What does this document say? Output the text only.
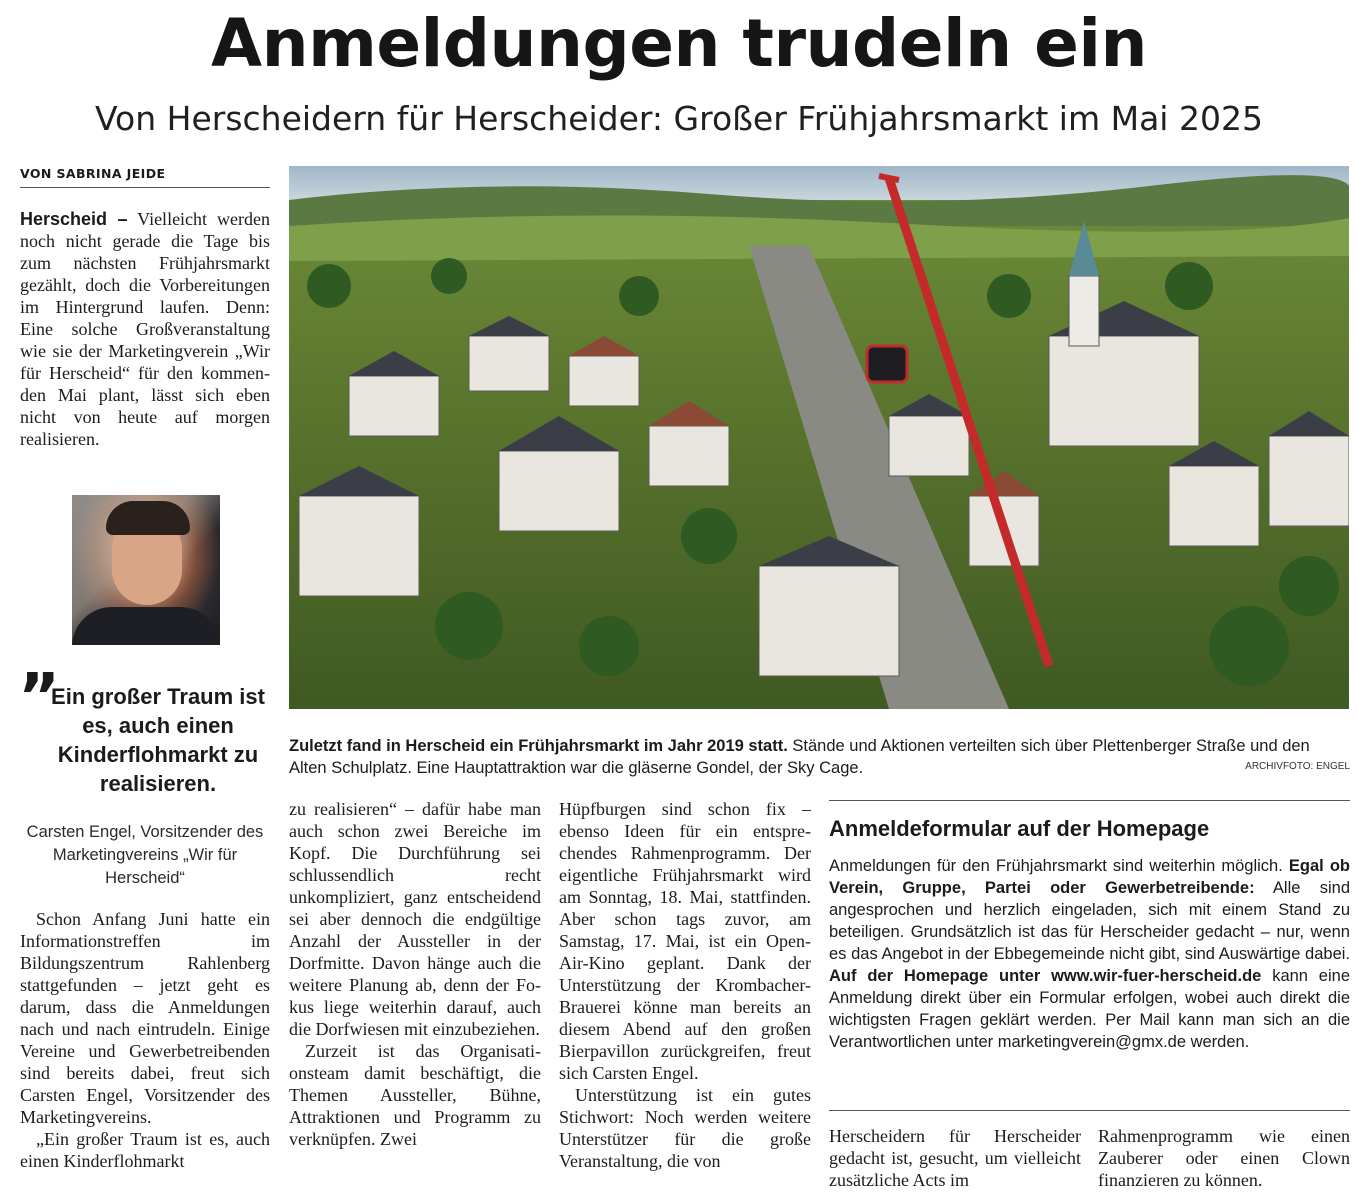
Anmeldungen trudeln ein
Von Herscheidern für Herscheider: Großer Frühjahrsmarkt im Mai 2025
VON SABRINA JEIDE

Herscheid – Vielleicht werden noch nicht gerade die Tage bis zum nächsten Frühjahrsmarkt gezählt, doch die Vorbereitungen im Hintergrund laufen. Denn: Eine solche Großveranstaltung wie sie der Marketingverein „Wir für Herscheid“ für den kommenden Mai plant, lässt sich eben nicht von heute auf morgen realisieren.

”
Ein großer Traum ist es, auch einen Kinderflohmarkt zu realisieren.
Carsten Engel, Vorsitzender des Marketingvereins „Wir für Herscheid“

Schon Anfang Juni hatte ein Informationstreffen im Bildungszentrum Rahlenberg stattgefunden – jetzt geht es darum, dass die Anmeldungen nach und nach eintrudeln. Einige Vereine und Gewerbetreibenden sind bereits dabei, freut sich Carsten Engel, Vorsitzender des Marketingvereins.

„Ein großer Traum ist es, auch einen Kinderflohmarkt

Zuletzt fand in Herscheid ein Frühjahrsmarkt im Jahr 2019 statt. Stände und Aktionen verteilten sich über Plettenberger Straße und den Alten Schulplatz. Eine Hauptattraktion war die gläserne Gondel, der Sky Cage.	ARCHIVFOTO: ENGEL

zu realisieren“ – dafür habe man auch schon zwei Bereiche im Kopf. Die Durchführung sei schlussendlich recht unkompliziert, ganz entscheidend sei aber dennoch die endgültige Anzahl der Aussteller in der Dorfmitte. Davon hänge auch die weitere Planung ab, denn der Fokus liege weiterhin darauf, auch die Dorfwiesen mit einzubeziehen.

Zurzeit ist das Organisationsteam damit beschäftigt, die Themen Aussteller, Bühne, Attraktionen und Programm zu verknüpfen. Zwei

Hüpfburgen sind schon fix – ebenso Ideen für ein entsprechendes Rahmenprogramm. Der eigentliche Frühjahrsmarkt wird am Sonntag, 18. Mai, stattfinden. Aber schon tags zuvor, am Samstag, 17. Mai, ist ein Open-Air-Kino geplant. Dank der Unterstützung der Krombacher-Brauerei könne man bereits an diesem Abend auf den großen Bierpavillon zurückgreifen, freut sich Carsten Engel.

Unterstützung ist ein gutes Stichwort: Noch werden weitere Unterstützer für die große Veranstaltung, die von

Anmeldeformular auf der Homepage

Anmeldungen für den Frühjahrsmarkt sind weiterhin möglich. Egal ob Verein, Gruppe, Partei oder Gewerbetreibende: Alle sind angesprochen und herzlich eingeladen, sich mit einem Stand zu beteiligen. Grundsätzlich ist das für Herscheider gedacht – nur, wenn es das Angebot in der Ebbegemeinde nicht gibt, sind Auswärtige dabei. Auf der Homepage unter www.wir-fuer-herscheid.de kann eine Anmeldung direkt über ein Formular erfolgen, wobei auch direkt die wichtigsten Fragen geklärt werden. Per Mail kann man sich an die Verantwortlichen unter marketingverein@gmx.de werden.

Herscheidern für Herscheider gedacht ist, gesucht, um vielleicht zusätzliche Acts im

Rahmenprogramm wie einen Zauberer oder einen Clown finanzieren zu können.
